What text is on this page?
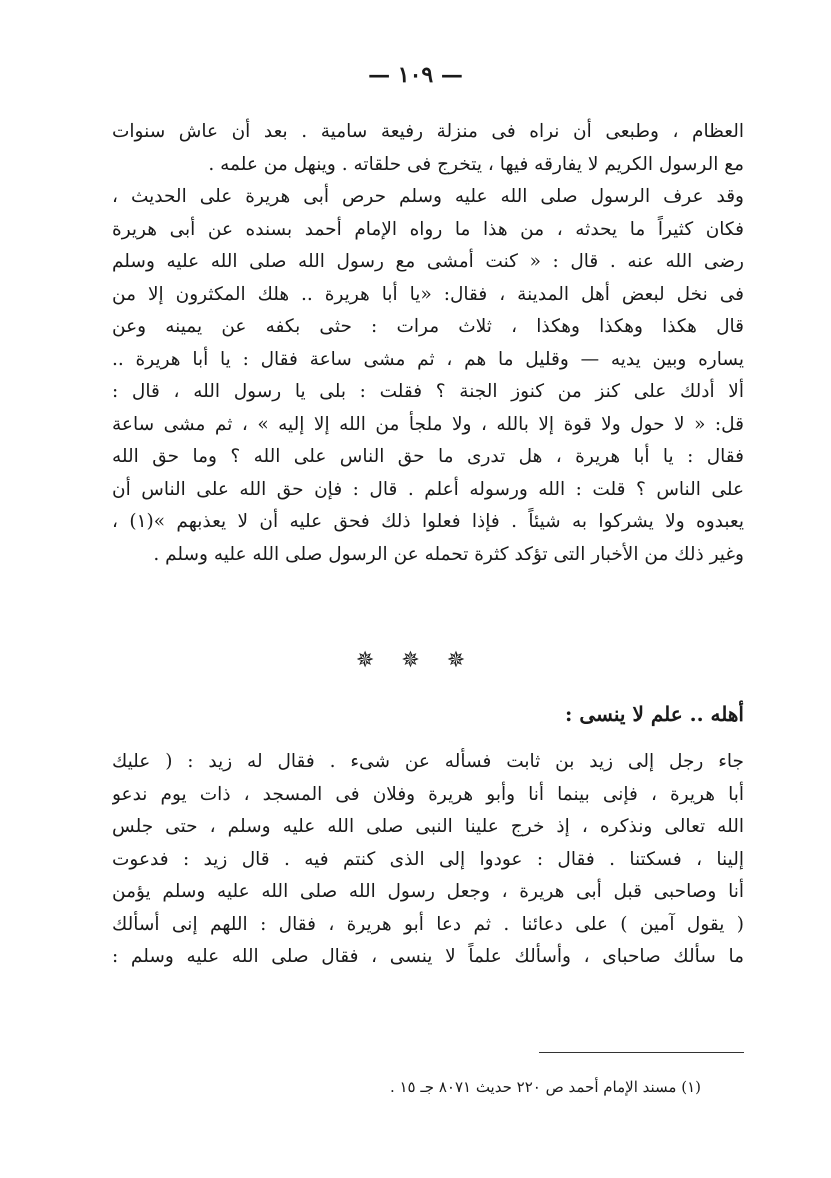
— ١٠٩ —
العظام ، وطبعى أن نراه فى منزلة رفيعة سامية . بعد أن عاش سنوات
مع الرسول الكريم لا يفارقه فيها ، يتخرج فى حلقاته . وينهل من علمه .
وقد عرف الرسول صلى الله عليه وسلم حرص أبى هريرة على الحديث ،
فكان كثيراً ما يحدثه ، من هذا ما رواه الإمام أحمد بسنده عن أبى هريرة
رضى الله عنه . قال : « كنت أمشى مع رسول الله صلى الله عليه وسلم
فى نخل لبعض أهل المدينة ، فقال: «يا أبا هريرة .. هلك المكثرون إلا من
قال هكذا وهكذا وهكذا ، ثلاث مرات : حثى بكفه عن يمينه وعن
يساره وبين يديه — وقليل ما هم ، ثم مشى ساعة فقال : يا أبا هريرة ..
ألا أدلك على كنز من كنوز الجنة ؟ فقلت : بلى يا رسول الله ، قال :
قل: « لا حول ولا قوة إلا بالله ، ولا ملجأ من الله إلا إليه » ، ثم مشى ساعة
فقال : يا أبا هريرة ، هل تدرى ما حق الناس على الله ؟ وما حق الله
على الناس ؟ قلت : الله ورسوله أعلم . قال : فإن حق الله على الناس أن
يعبدوه ولا يشركوا به شيئاً . فإذا فعلوا ذلك فحق عليه أن لا يعذبهم »(١) ،
وغير ذلك من الأخبار التى تؤكد كثرة تحمله عن الرسول صلى الله عليه وسلم .
✵ ✵ ✵
أهله .. علم لا ينسى :
جاء رجل إلى زيد بن ثابت فسأله عن شىء . فقال له زيد : ( عليك
أبا هريرة ، فإنى بينما أنا وأبو هريرة وفلان فى المسجد ، ذات يوم ندعو
الله تعالى ونذكره ، إذ خرج علينا النبى صلى الله عليه وسلم ، حتى جلس
إلينا ، فسكتنا . فقال : عودوا إلى الذى كنتم فيه . قال زيد : فدعوت
أنا وصاحبى قبل أبى هريرة ، وجعل رسول الله صلى الله عليه وسلم يؤمن
( يقول آمين ) على دعائنا . ثم دعا أبو هريرة ، فقال : اللهم إنى أسألك
ما سألك صاحباى ، وأسألك علماً لا ينسى ، فقال صلى الله عليه وسلم :
(١) مسند الإمام أحمد ص ٢٢٠ حديث ٨٠٧١ جـ ١٥ .
